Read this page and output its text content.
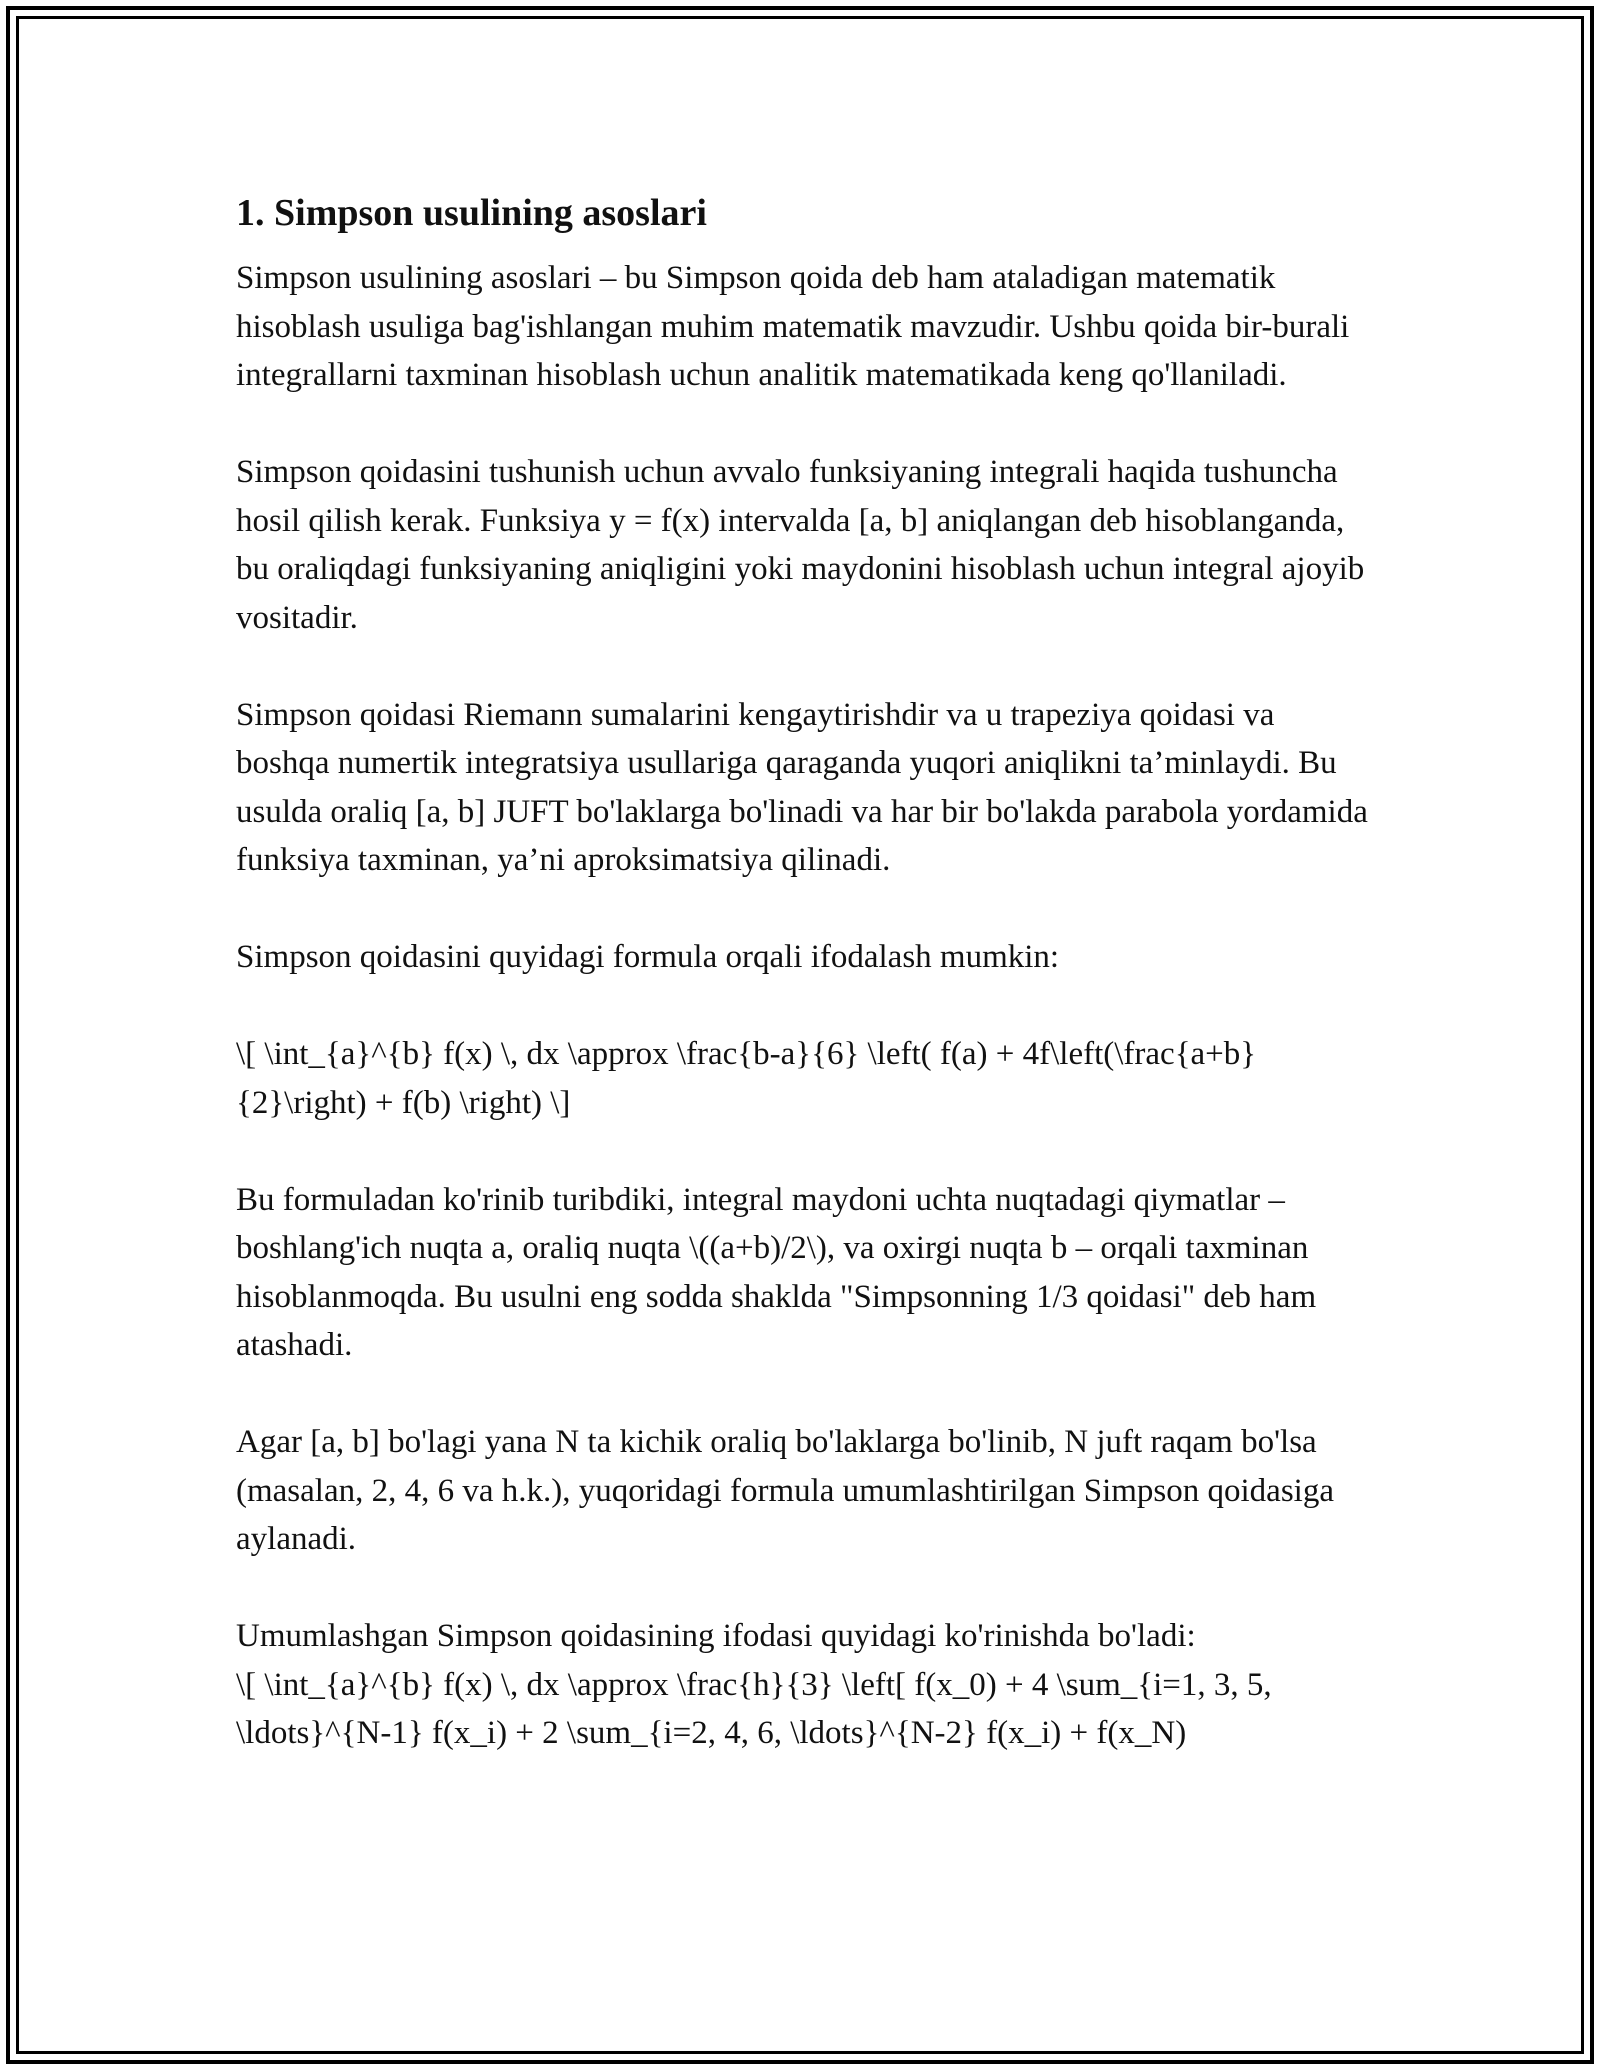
1. Simpson usulining asoslari

Simpson usulining asoslari – bu Simpson qoida deb ham ataladigan matematik hisoblash usuliga bag'ishlangan muhim matematik mavzudir. Ushbu qoida bir-burali integrallarni taxminan hisoblash uchun analitik matematikada keng qo'llaniladi.

Simpson qoidasini tushunish uchun avvalo funksiyaning integrali haqida tushuncha hosil qilish kerak. Funksiya y = f(x) intervalda [a, b] aniqlangan deb hisoblanganda, bu oraliqdagi funksiyaning aniqligini yoki maydonini hisoblash uchun integral ajoyib vositadir.

Simpson qoidasi Riemann sumalarini kengaytirishdir va u trapeziya qoidasi va boshqa numertik integratsiya usullariga qaraganda yuqori aniqlikni ta’minlaydi. Bu usulda oraliq [a, b] JUFT bo'laklarga bo'linadi va har bir bo'lakda parabola yordamida funksiya taxminan, ya’ni aproksimatsiya qilinadi.

Simpson qoidasini quyidagi formula orqali ifodalash mumkin:

\[ \int_{a}^{b} f(x) \, dx \approx \frac{b-a}{6} \left( f(a) + 4f\left(\frac{a+b}{2}\right) + f(b) \right) \]

Bu formuladan ko'rinib turibdiki, integral maydoni uchta nuqtadagi qiymatlar – boshlang'ich nuqta a, oraliq nuqta \((a+b)/2\), va oxirgi nuqta b – orqali taxminan hisoblanmoqda. Bu usulni eng sodda shaklda "Simpsonning 1/3 qoidasi" deb ham atashadi.

Agar [a, b] bo'lagi yana N ta kichik oraliq bo'laklarga bo'linib, N juft raqam bo'lsa (masalan, 2, 4, 6 va h.k.), yuqoridagi formula umumlashtirilgan Simpson qoidasiga aylanadi.

Umumlashgan Simpson qoidasining ifodasi quyidagi ko'rinishda bo'ladi:

\[ \int_{a}^{b} f(x) \, dx \approx \frac{h}{3} \left[ f(x_0) + 4 \sum_{i=1, 3, 5, \ldots}^{N-1} f(x_i) + 2 \sum_{i=2, 4, 6, \ldots}^{N-2} f(x_i) + f(x_N)
